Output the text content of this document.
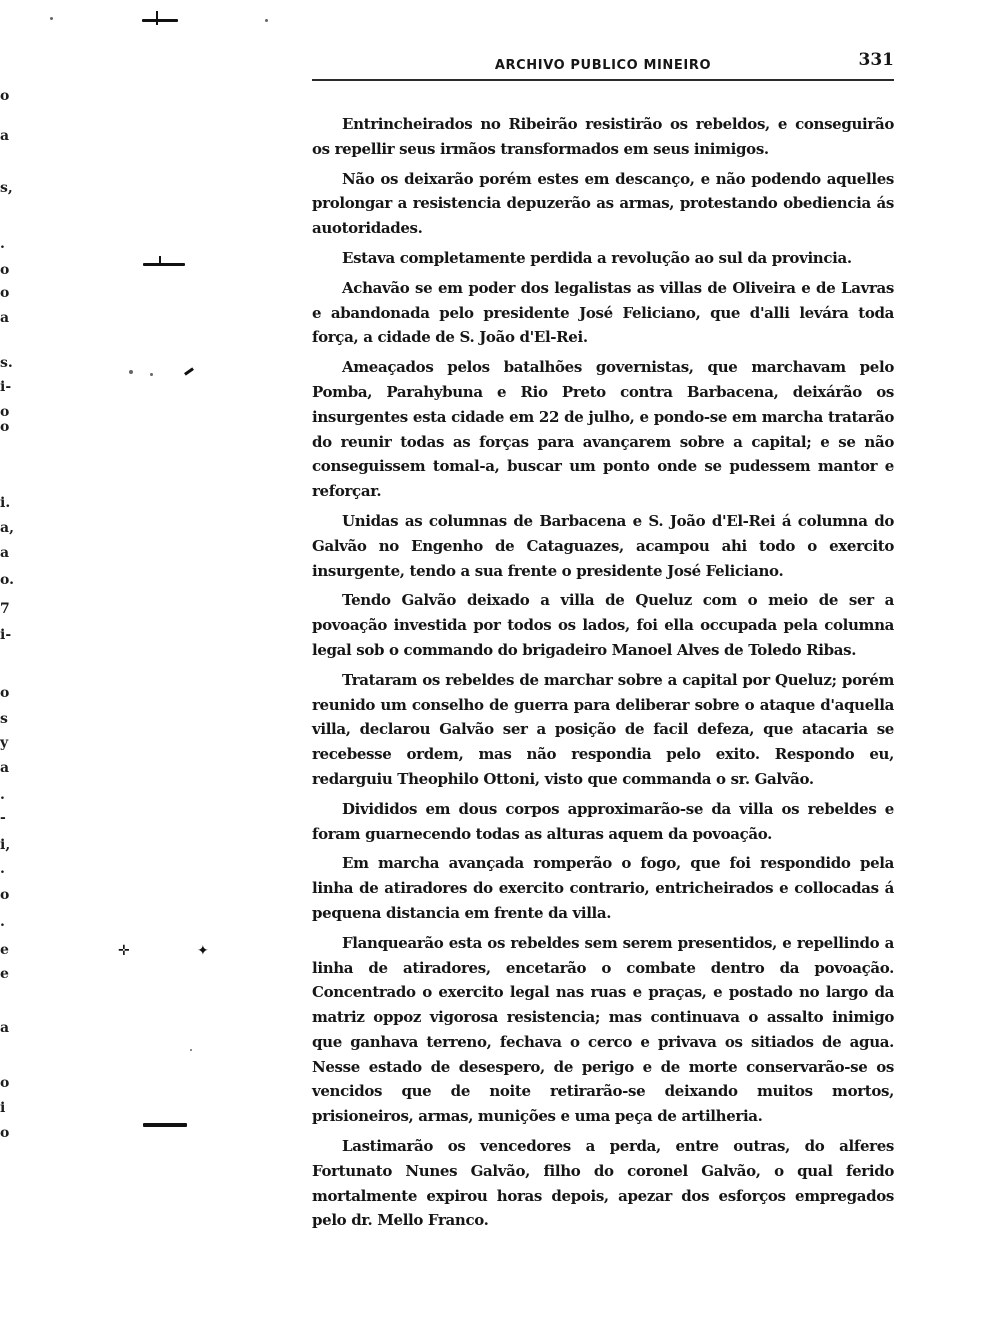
o
a
s,
.
o
o
a
s.
i-
o
o
i.
a,
a
o.
7
i-
o
s
y
a
.
-
i,
.
o
.
e
e
a
o
i
o
✛	✦
ARCHIVO PUBLICO MINEIRO	331

Entrincheirados no Ribeirão resistirão os rebeldos, e conseguirão os repellir seus irmãos transformados em seus inimigos.

Não os deixarão porém estes em descanço, e não podendo aquelles prolongar a resistencia depuzerão as armas, protestando obediencia ás auotoridades.

Estava completamente perdida a revolução ao sul da provincia.

Achavão se em poder dos legalistas as villas de Oliveira e de Lavras e abandonada pelo presidente José Feliciano, que d'alli levára toda força, a cidade de S. João d'El-Rei.

Ameaçados pelos batalhões governistas, que marchavam pelo Pomba, Parahybuna e Rio Preto contra Barbacena, deixárão os insurgentes esta cidade em 22 de julho, e pondo-se em marcha tratarão do reunir todas as forças para avançarem sobre a capital; e se não conseguissem tomal-a, buscar um ponto onde se pudessem mantor e reforçar.

Unidas as columnas de Barbacena e S. João d'El-Rei á columna do Galvão no Engenho de Cataguazes, acampou ahi todo o exercito insurgente, tendo a sua frente o presidente José Feliciano.

Tendo Galvão deixado a villa de Queluz com o meio de ser a povoação investida por todos os lados, foi ella occupada pela columna legal sob o commando do brigadeiro Manoel Alves de Toledo Ribas.

Trataram os rebeldes de marchar sobre a capital por Queluz; porém reunido um conselho de guerra para deliberar sobre o ataque d'aquella villa, declarou Galvão ser a posição de facil defeza, que atacaria se recebesse ordem, mas não respondia pelo exito. Respondo eu, redarguiu Theophilo Ottoni, visto que commanda o sr. Galvão.

Divididos em dous corpos approximarão-se da villa os rebeldes e foram guarnecendo todas as alturas aquem da povoação.

Em marcha avançada romperão o fogo, que foi respondido pela linha de atiradores do exercito contrario, entricheirados e collocadas á pequena distancia em frente da villa.

Flanquearão esta os rebeldes sem serem presentidos, e repellindo a linha de atiradores, encetarão o combate dentro da povoação. Concentrado o exercito legal nas ruas e praças, e postado no largo da matriz oppoz vigorosa resistencia; mas continuava o assalto inimigo que ganhava terreno, fechava o cerco e privava os sitiados de agua. Nesse estado de desespero, de perigo e de morte conservarão-se os vencidos que de noite retirarão-se deixando muitos mortos, prisioneiros, armas, munições e uma peça de artilheria.

Lastimarão os vencedores a perda, entre outras, do alferes Fortunato Nunes Galvão, filho do coronel Galvão, o qual ferido mortalmente expirou horas depois, apezar dos esforços empregados pelo dr. Mello Franco.
